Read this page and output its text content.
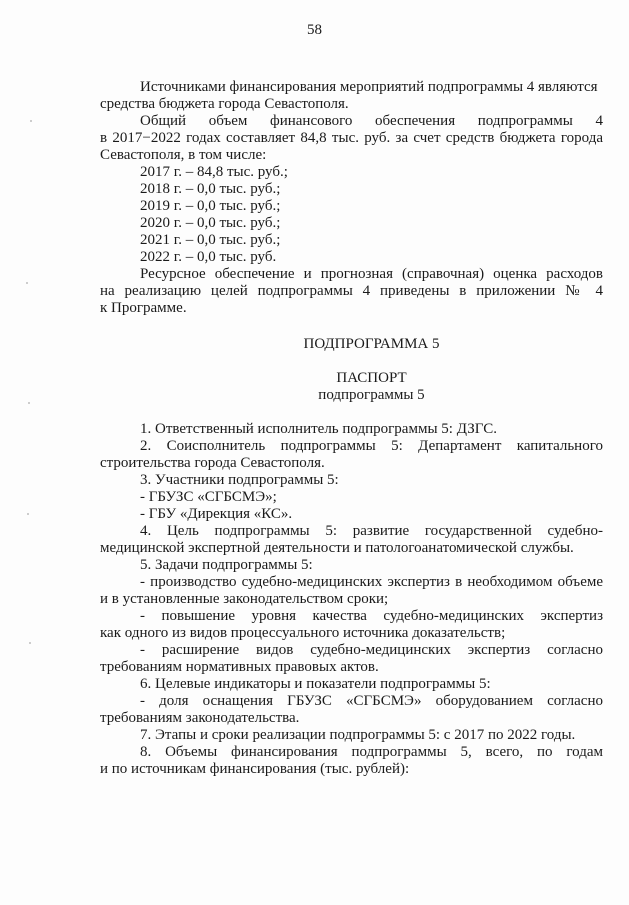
58

Источниками финансирования мероприятий подпрограммы 4 являются

средства бюджета города Севастополя.

Общий объем финансового обеспечения подпрограммы 4

в 2017−2022 годах составляет 84,8 тыс. руб. за счет средств бюджета города

Севастополя, в том числе:

2017 г. – 84,8 тыс. руб.;

2018 г. – 0,0 тыс. руб.;

2019 г. – 0,0 тыс. руб.;

2020 г. – 0,0 тыс. руб.;

2021 г. – 0,0 тыс. руб.;

2022 г. – 0,0 тыс. руб.

Ресурсное обеспечение и прогнозная (справочная) оценка расходов

на реализацию целей подпрограммы 4 приведены в приложении № 4

к Программе.

ПОДПРОГРАММА 5

ПАСПОРТ

подпрограммы 5

1. Ответственный исполнитель подпрограммы 5: ДЗГС.

2. Соисполнитель подпрограммы 5: Департамент капитального

строительства города Севастополя.

3. Участники подпрограммы 5:

- ГБУЗС «СГБСМЭ»;

- ГБУ «Дирекция «КС».

4. Цель подпрограммы 5: развитие государственной судебно-

медицинской экспертной деятельности и патологоанатомической службы.

5. Задачи подпрограммы 5:

- производство судебно-медицинских экспертиз в необходимом объеме

и в установленные законодательством сроки;

- повышение уровня качества судебно-медицинских экспертиз

как одного из видов процессуального источника доказательств;

- расширение видов судебно-медицинских экспертиз согласно

требованиям нормативных правовых актов.

6. Целевые индикаторы и показатели подпрограммы 5:

- доля оснащения ГБУЗС «СГБСМЭ» оборудованием согласно

требованиям законодательства.

7. Этапы и сроки реализации подпрограммы 5: с 2017 по 2022 годы.

8. Объемы финансирования подпрограммы 5, всего, по годам

и по источникам финансирования (тыс. рублей):
